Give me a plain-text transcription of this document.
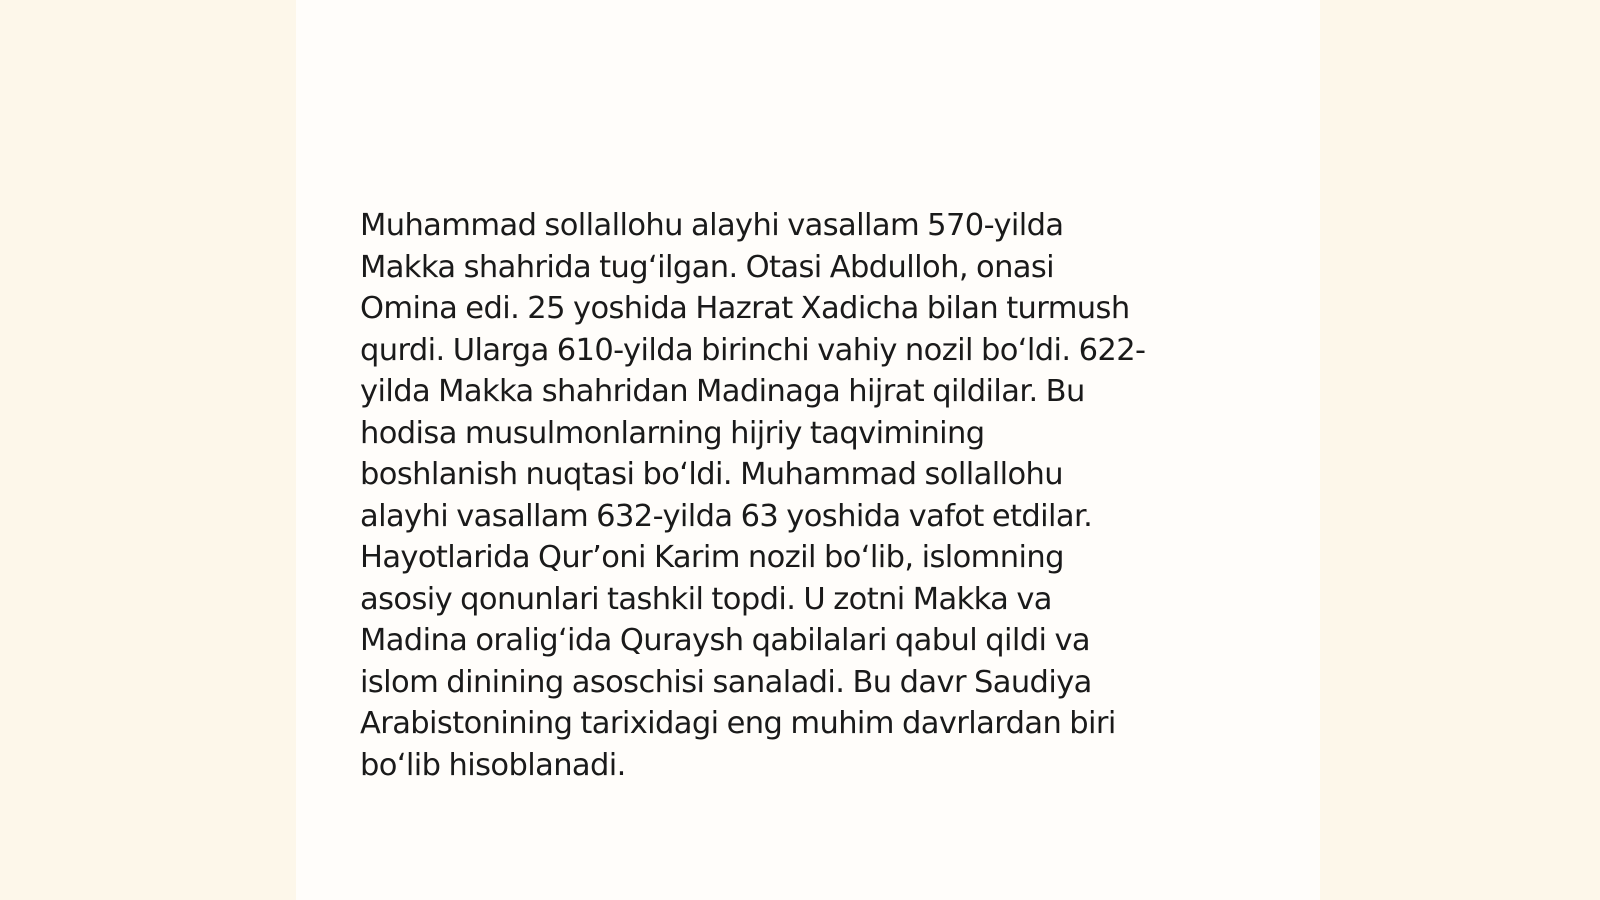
Muhammad sollallohu alayhi vasallam 570-yilda
Makka shahrida tug‘ilgan. Otasi Abdulloh, onasi
Omina edi. 25 yoshida Hazrat Xadicha bilan turmush
qurdi. Ularga 610-yilda birinchi vahiy nozil bo‘ldi. 622-
yilda Makka shahridan Madinaga hijrat qildilar. Bu
hodisa musulmonlarning hijriy taqvimining
boshlanish nuqtasi bo‘ldi. Muhammad sollallohu
alayhi vasallam 632-yilda 63 yoshida vafot etdilar.
Hayotlarida Qur’oni Karim nozil bo‘lib, islomning
asosiy qonunlari tashkil topdi. U zotni Makka va
Madina oralig‘ida Quraysh qabilalari qabul qildi va
islom dinining asoschisi sanaladi. Bu davr Saudiya
Arabistonining tarixidagi eng muhim davrlardan biri
bo‘lib hisoblanadi.
